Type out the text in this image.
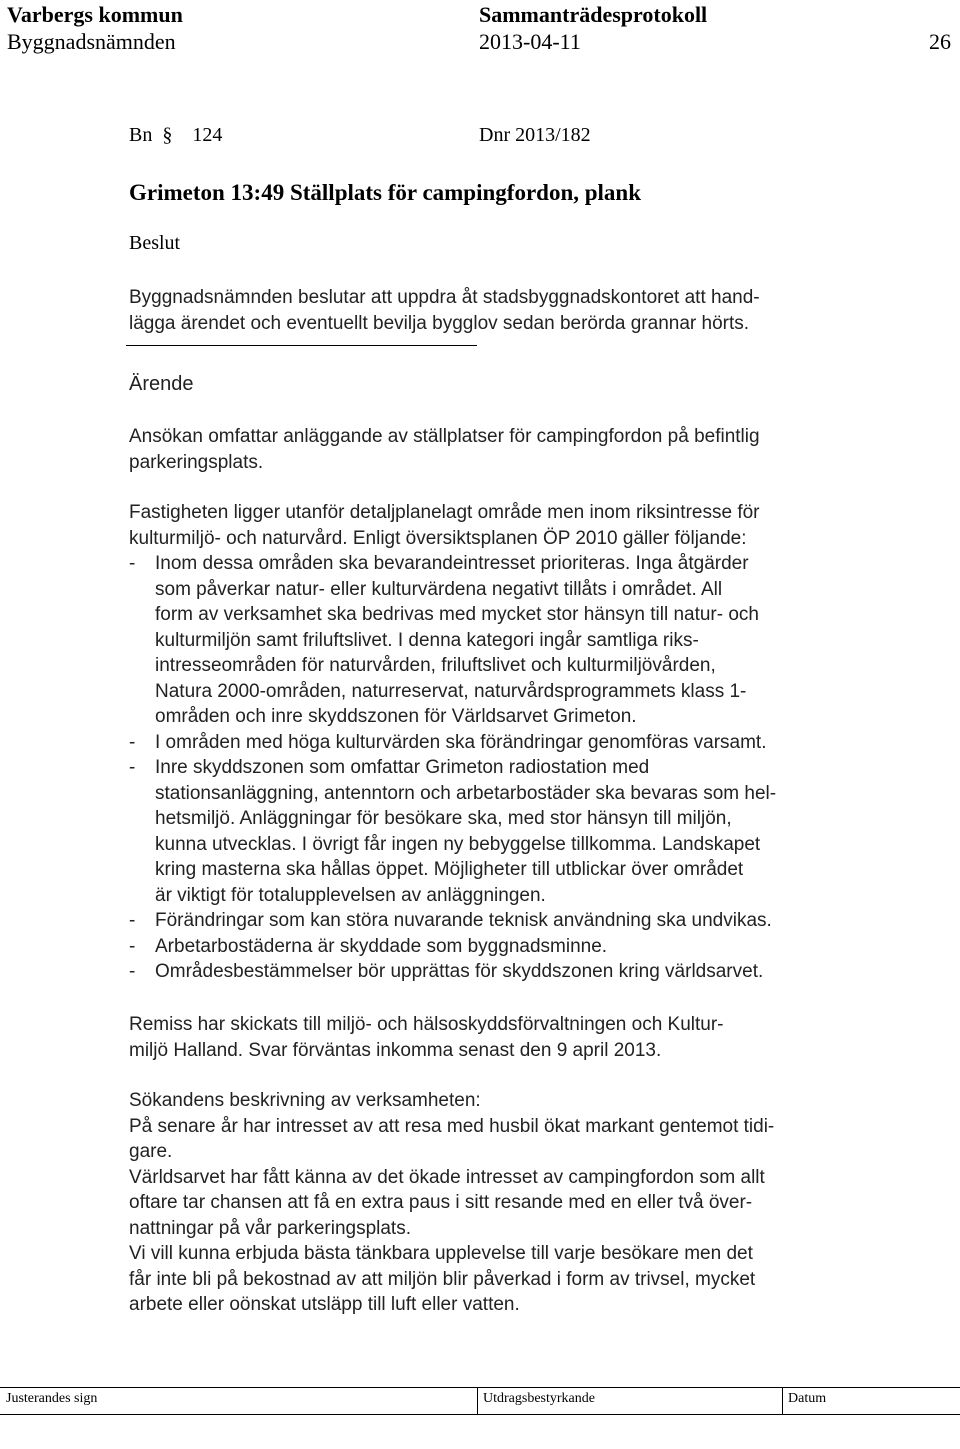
Varbergs kommun	Sammanträdesprotokoll
Byggnadsnämnden	2013-04-11	26
Bn  § 124	Dnr 2013/182
Grimeton 13:49 Ställplats för campingfordon, plank
Beslut
Byggnadsnämnden beslutar att uppdra åt stadsbyggnadskontoret att hand-
lägga ärendet och eventuellt bevilja bygglov sedan berörda grannar hörts.
Ärende
Ansökan omfattar anläggande av ställplatser för campingfordon på befintlig
parkeringsplats.
Fastigheten ligger utanför detaljplanelagt område men inom riksintresse för
kulturmiljö- och naturvård. Enligt översiktsplanen ÖP 2010 gäller följande:
- Inom dessa områden ska bevarandeintresset prioriteras. Inga åtgärder
som påverkar natur- eller kulturvärdena negativt tillåts i området. All
form av verksamhet ska bedrivas med mycket stor hänsyn till natur- och
kulturmiljön samt friluftslivet. I denna kategori ingår samtliga riks-
intresseområden för naturvården, friluftslivet och kulturmiljövården,
Natura 2000-områden, naturreservat, naturvårdsprogrammets klass 1-
områden och inre skyddszonen för Världsarvet Grimeton.
- I områden med höga kulturvärden ska förändringar genomföras varsamt.
- Inre skyddszonen som omfattar Grimeton radiostation med
stationsanläggning, antenntorn och arbetarbostäder ska bevaras som hel-
hetsmiljö. Anläggningar för besökare ska, med stor hänsyn till miljön,
kunna utvecklas. I övrigt får ingen ny bebyggelse tillkomma. Landskapet
kring masterna ska hållas öppet. Möjligheter till utblickar över området
är viktigt för totalupplevelsen av anläggningen.
- Förändringar som kan störa nuvarande teknisk användning ska undvikas.
- Arbetarbostäderna är skyddade som byggnadsminne.
- Områdesbestämmelser bör upprättas för skyddszonen kring världsarvet.
Remiss har skickats till miljö- och hälsoskyddsförvaltningen och Kultur-
miljö Halland. Svar förväntas inkomma senast den 9 april 2013.
Sökandens beskrivning av verksamheten:
På senare år har intresset av att resa med husbil ökat markant gentemot tidi-
gare.
Världsarvet har fått känna av det ökade intresset av campingfordon som allt
oftare tar chansen att få en extra paus i sitt resande med en eller två över-
nattningar på vår parkeringsplats.
Vi vill kunna erbjuda bästa tänkbara upplevelse till varje besökare men det
får inte bli på bekostnad av att miljön blir påverkad i form av trivsel, mycket
arbete eller oönskat utsläpp till luft eller vatten.
Justerandes sign	Utdragsbestyrkande	Datum
